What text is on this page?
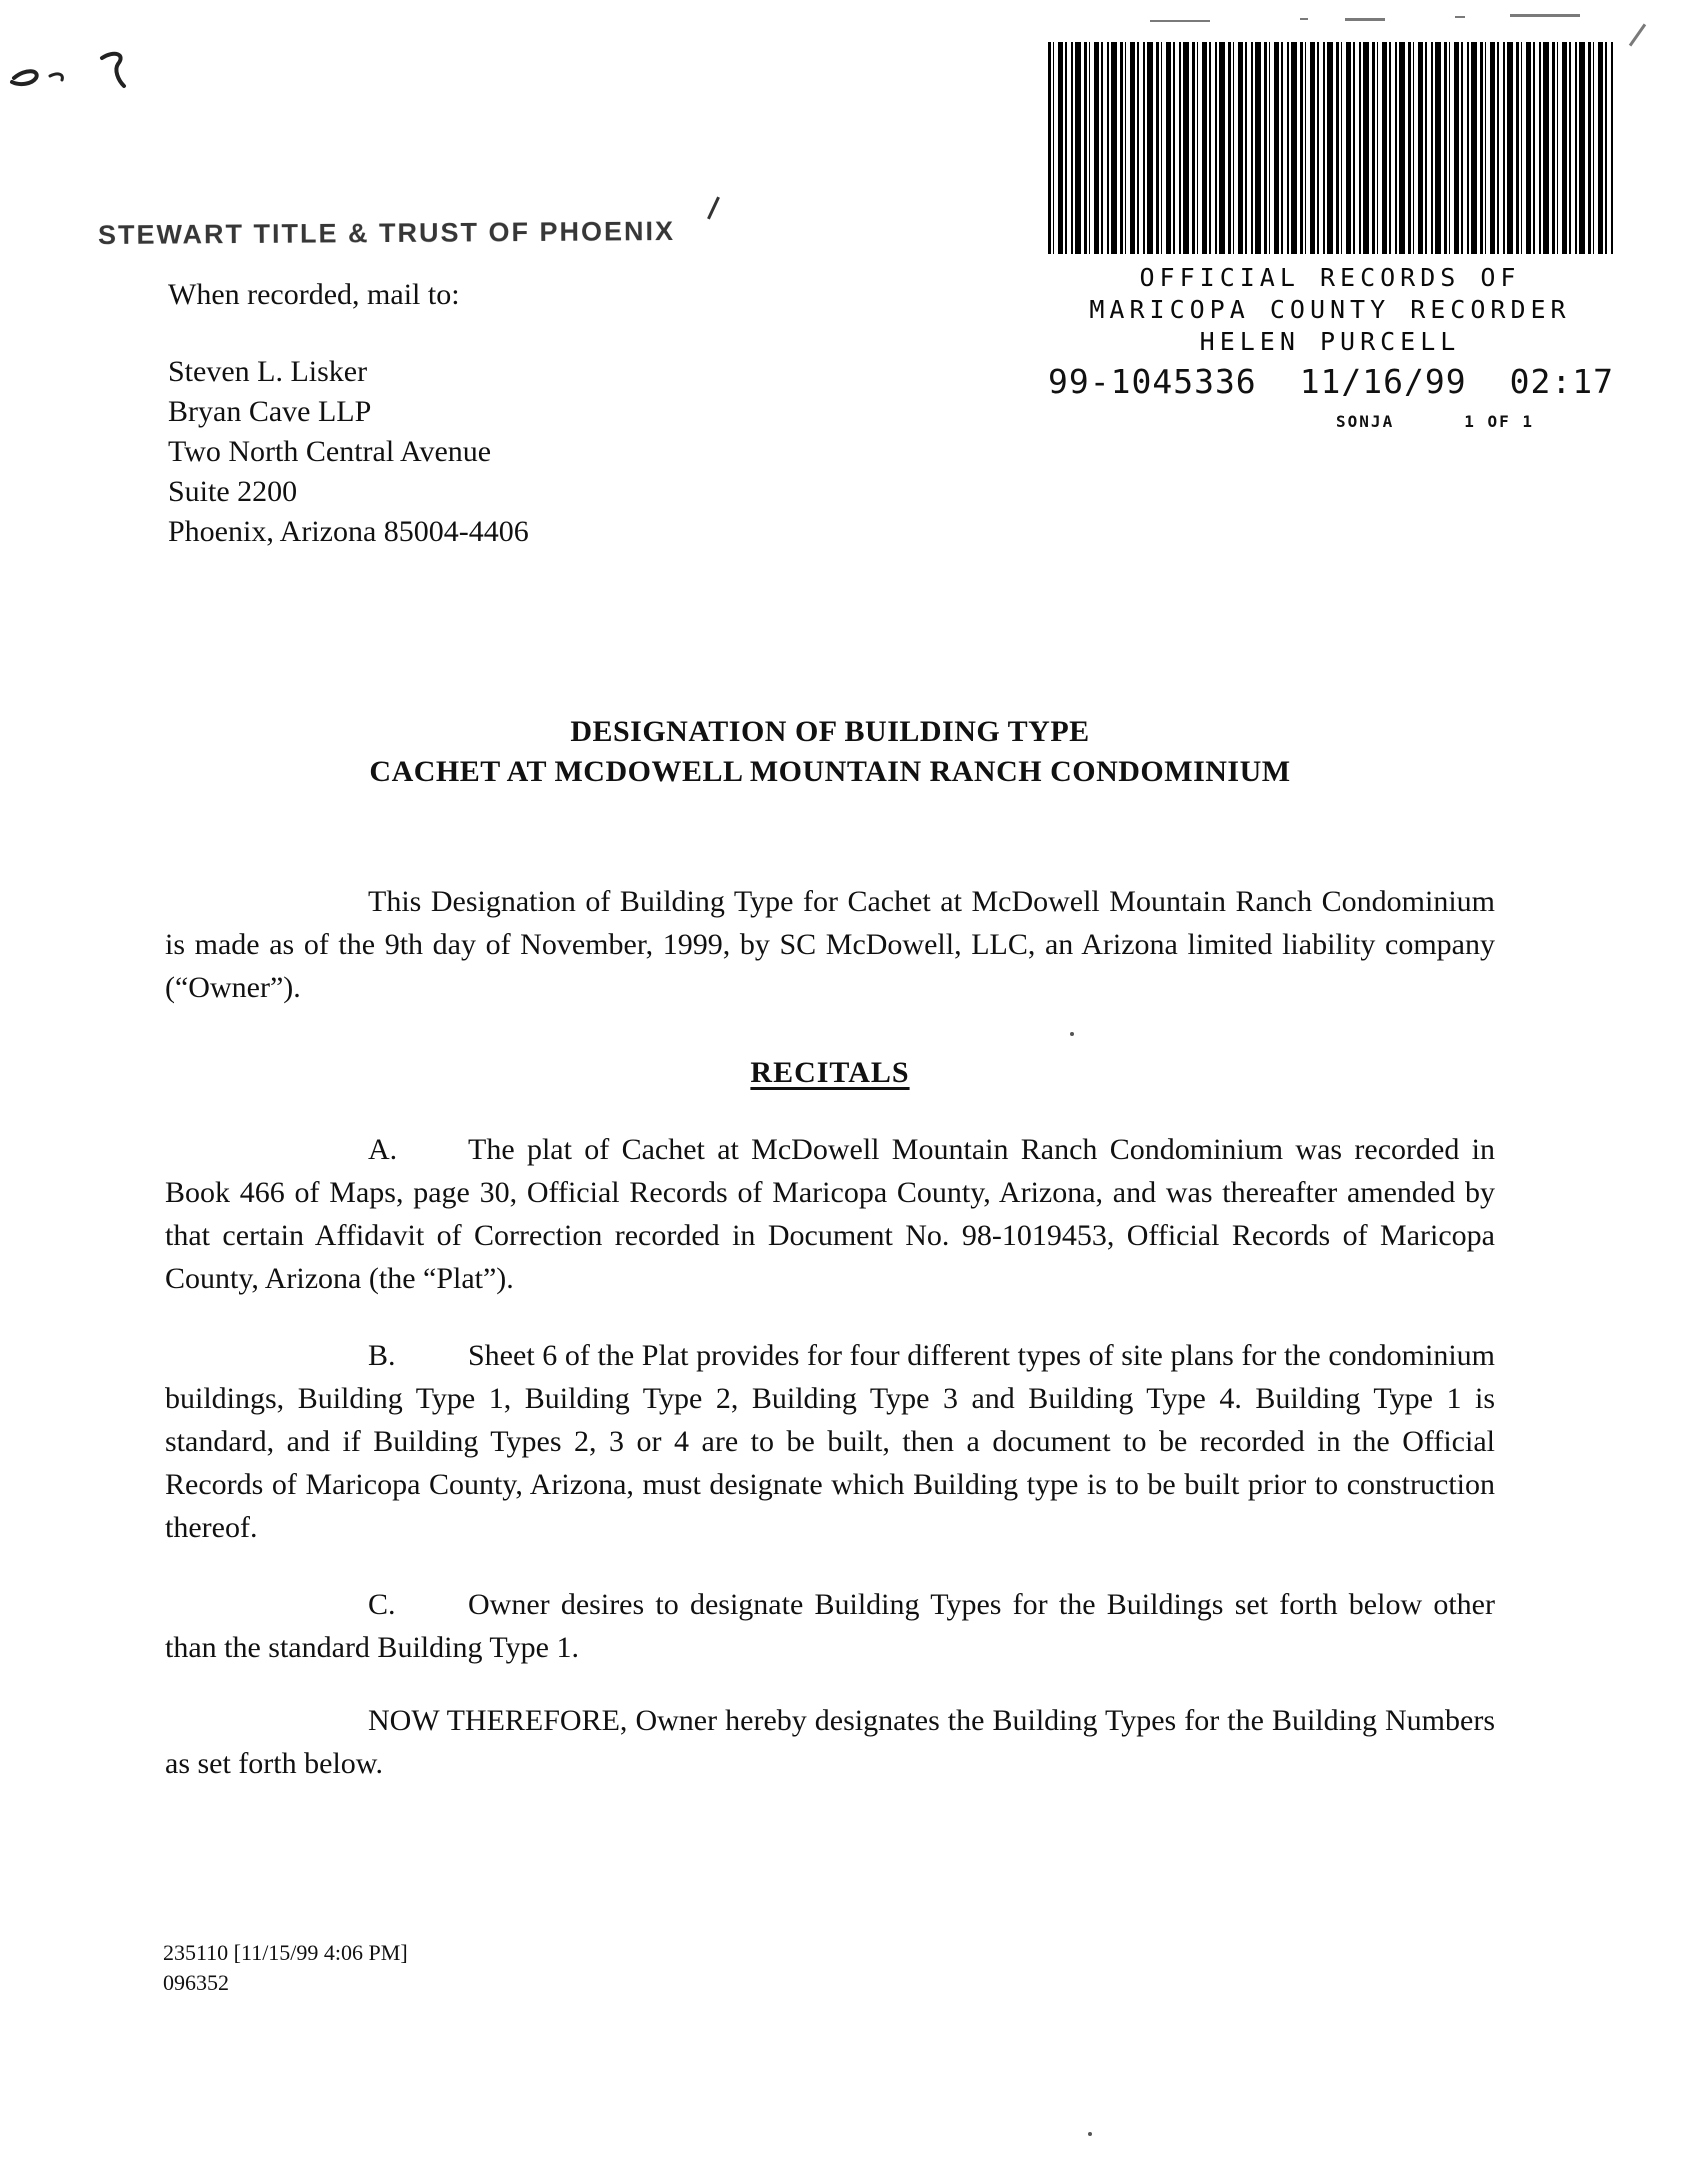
STEWART TITLE & TRUST OF PHOENIX
When recorded, mail to:
Steven L. Lisker
Bryan Cave LLP
Two North Central Avenue
Suite 2200
Phoenix, Arizona 85004-4406
OFFICIAL RECORDS OF
MARICOPA COUNTY RECORDER
HELEN PURCELL
99-1045336 11/16/99 02:17
SONJA	1 OF 1
DESIGNATION OF BUILDING TYPE
CACHET AT MCDOWELL MOUNTAIN RANCH CONDOMINIUM

This Designation of Building Type for Cachet at McDowell Mountain Ranch Condominium is made as of the 9th day of November, 1999, by SC McDowell, LLC, an Arizona limited liability company (“Owner”).

RECITALS

A. The plat of Cachet at McDowell Mountain Ranch Condominium was recorded in Book 466 of Maps, page 30, Official Records of Maricopa County, Arizona, and was thereafter amended by that certain Affidavit of Correction recorded in Document No. 98-1019453, Official Records of Maricopa County, Arizona (the “Plat”).

B. Sheet 6 of the Plat provides for four different types of site plans for the condominium buildings, Building Type 1, Building Type 2, Building Type 3 and Building Type 4. Building Type 1 is standard, and if Building Types 2, 3 or 4 are to be built, then a document to be recorded in the Official Records of Maricopa County, Arizona, must designate which Building type is to be built prior to construction thereof.

C. Owner desires to designate Building Types for the Buildings set forth below other than the standard Building Type 1.

NOW THEREFORE, Owner hereby designates the Building Types for the Building Numbers as set forth below.

235110 [11/15/99 4:06 PM]
096352
